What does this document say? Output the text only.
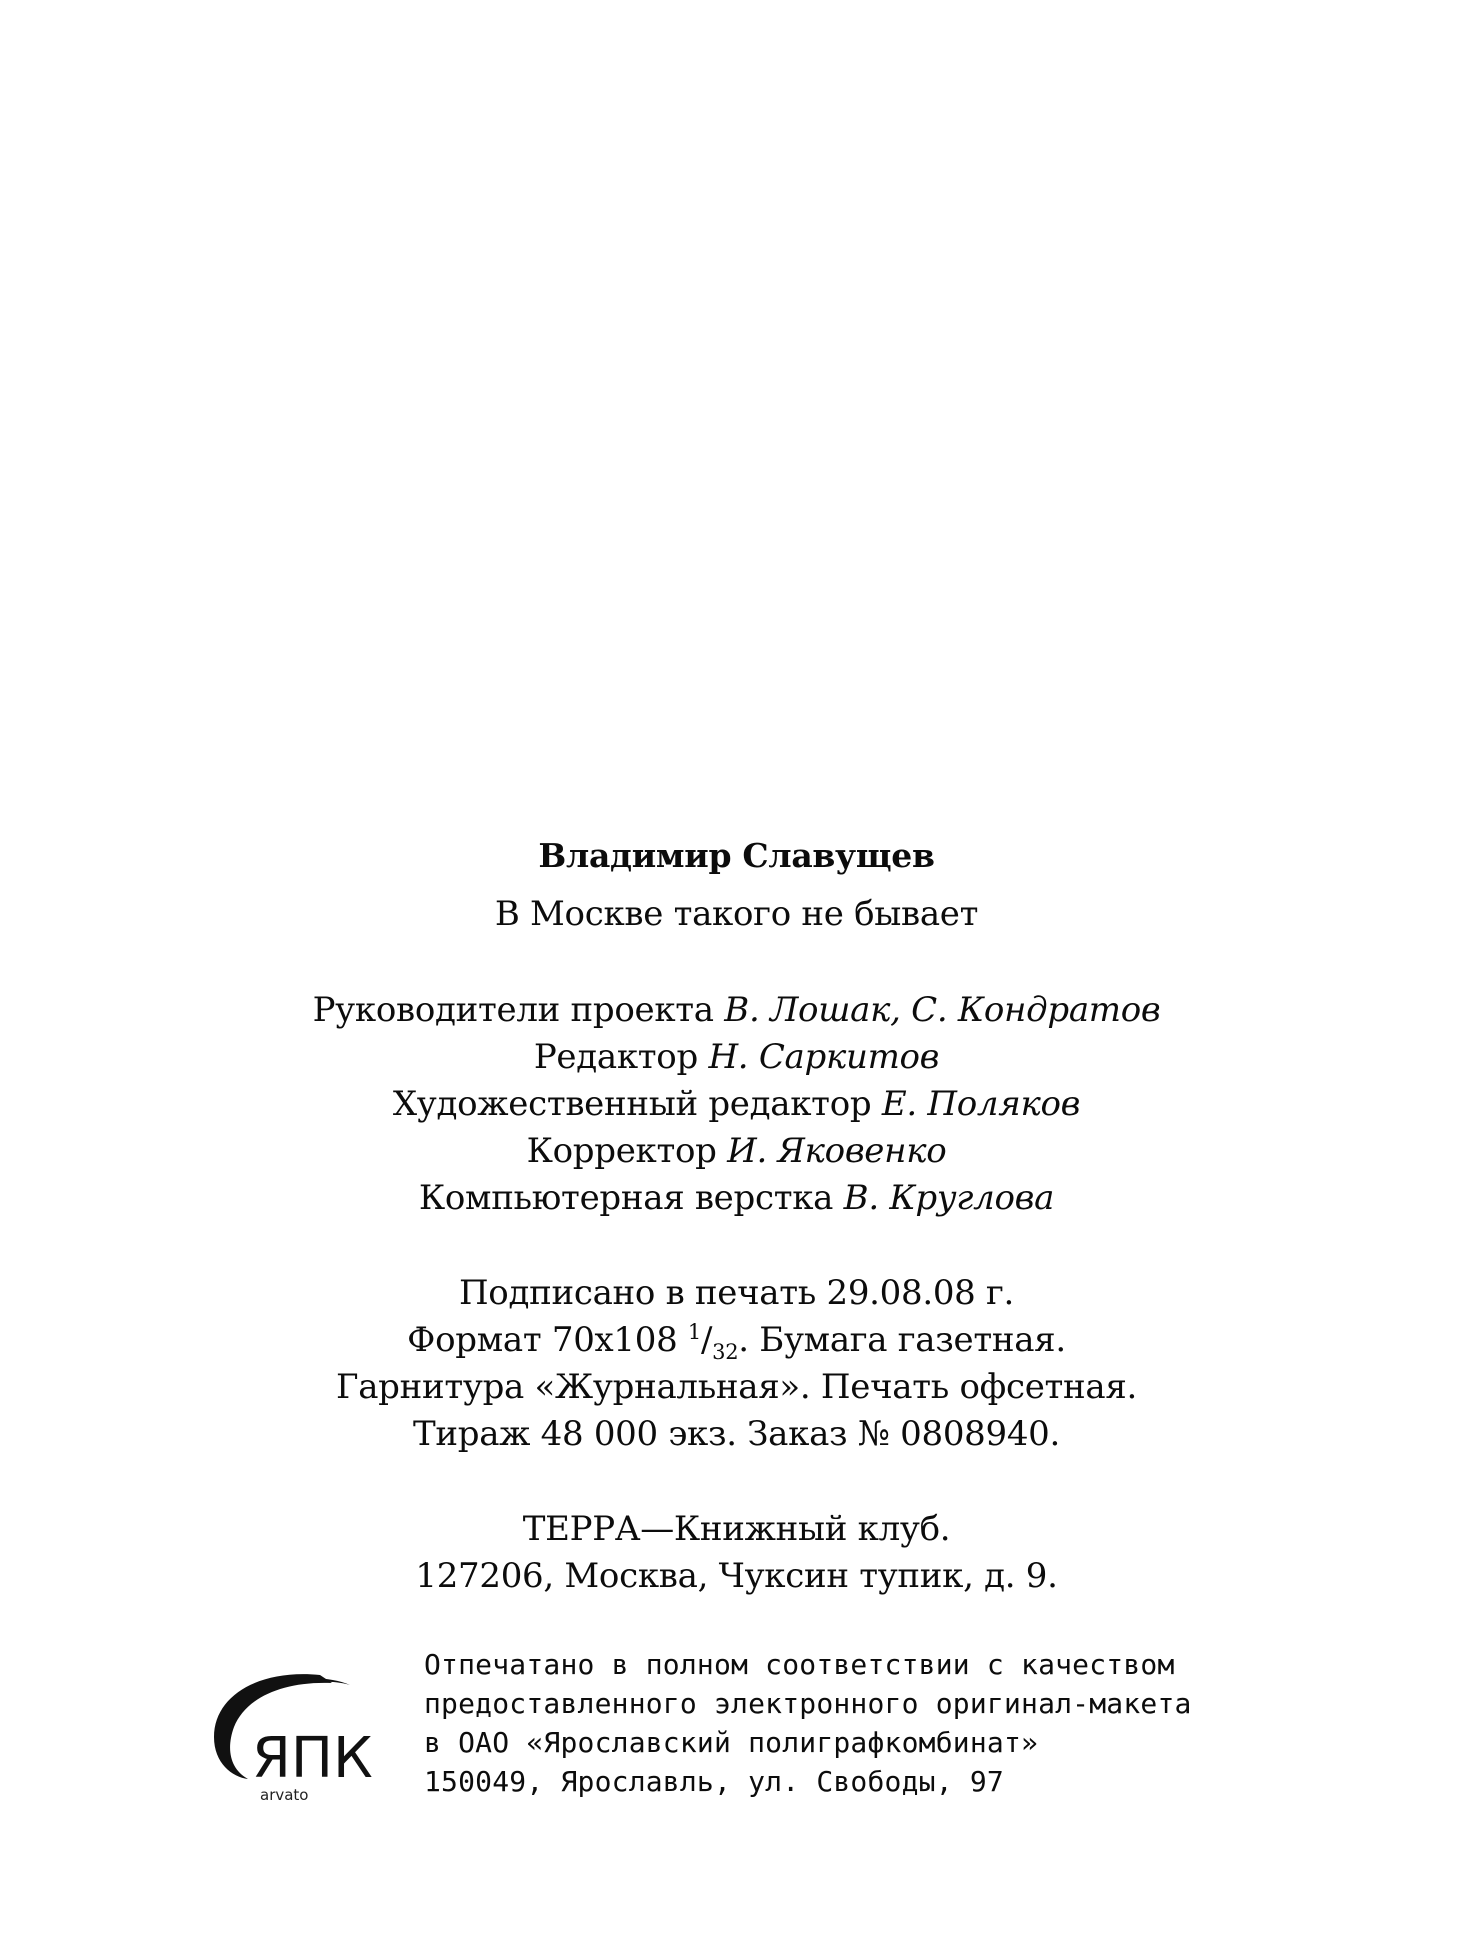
Владимир Славущев
В Москве такого не бывает
Руководители проекта В. Лошак, С. Кондратов
Редактор Н. Саркитов
Художественный редактор Е. Поляков
Корректор И. Яковенко
Компьютерная верстка В. Круглова
Подписано в печать 29.08.08 г.
Формат 70x108 $^1/_{32}$. Бумага газетная.
Гарнитура «Журнальная». Печать офсетная.
Тираж 48 000 экз. Заказ № 0808940.
ТЕРРА—Книжный клуб.
127206, Москва, Чуксин тупик, д. 9.
ЯПК
arvato
Отпечатано в полном соответствии с качеством
предоставленного электронного оригинал-макета
в ОАО «Ярославский полиграфкомбинат»
150049, Ярославль, ул. Свободы, 97
